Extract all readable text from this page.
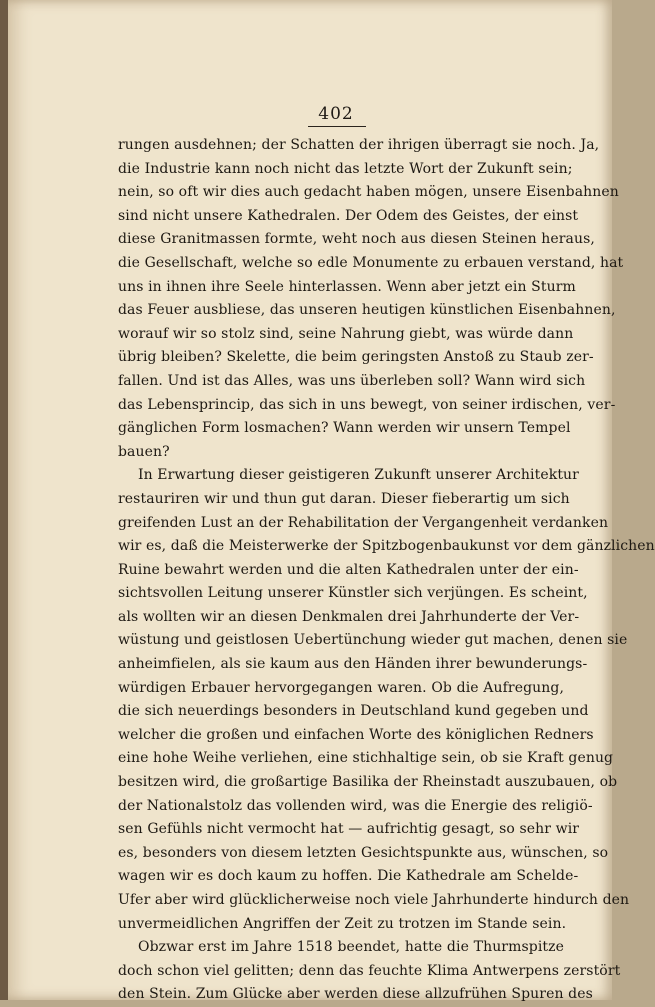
402
rungen ausdehnen; der Schatten der ihrigen überragt sie noch. Ja,
die Industrie kann noch nicht das letzte Wort der Zukunft sein;
nein, so oft wir dies auch gedacht haben mögen, unsere Eisenbahnen
sind nicht unsere Kathedralen. Der Odem des Geistes, der einst
diese Granitmassen formte, weht noch aus diesen Steinen heraus,
die Gesellschaft, welche so edle Monumente zu erbauen verstand, hat
uns in ihnen ihre Seele hinterlassen. Wenn aber jetzt ein Sturm
das Feuer ausbliese, das unseren heutigen künstlichen Eisenbahnen,
worauf wir so stolz sind, seine Nahrung giebt, was würde dann
übrig bleiben? Skelette, die beim geringsten Anstoß zu Staub zer-
fallen. Und ist das Alles, was uns überleben soll? Wann wird sich
das Lebensprincip, das sich in uns bewegt, von seiner irdischen, ver-
gänglichen Form losmachen? Wann werden wir unsern Tempel
bauen?
In Erwartung dieser geistigeren Zukunft unserer Architektur
restauriren wir und thun gut daran. Dieser fieberartig um sich
greifenden Lust an der Rehabilitation der Vergangenheit verdanken
wir es, daß die Meisterwerke der Spitzbogenbaukunst vor dem gänzlichen
Ruine bewahrt werden und die alten Kathedralen unter der ein-
sichtsvollen Leitung unserer Künstler sich verjüngen. Es scheint,
als wollten wir an diesen Denkmalen drei Jahrhunderte der Ver-
wüstung und geistlosen Uebertünchung wieder gut machen, denen sie
anheimfielen, als sie kaum aus den Händen ihrer bewunderungs-
würdigen Erbauer hervorgegangen waren. Ob die Aufregung,
die sich neuerdings besonders in Deutschland kund gegeben und
welcher die großen und einfachen Worte des königlichen Redners
eine hohe Weihe verliehen, eine stichhaltige sein, ob sie Kraft genug
besitzen wird, die großartige Basilika der Rheinstadt auszubauen, ob
der Nationalstolz das vollenden wird, was die Energie des religiö-
sen Gefühls nicht vermocht hat — aufrichtig gesagt, so sehr wir
es, besonders von diesem letzten Gesichtspunkte aus, wünschen, so
wagen wir es doch kaum zu hoffen. Die Kathedrale am Schelde-
Ufer aber wird glücklicherweise noch viele Jahrhunderte hindurch den
unvermeidlichen Angriffen der Zeit zu trotzen im Stande sein.
Obzwar erst im Jahre 1518 beendet, hatte die Thurmspitze
doch schon viel gelitten; denn das feuchte Klima Antwerpens zerstört
den Stein. Zum Glücke aber werden diese allzufrühen Spuren des
